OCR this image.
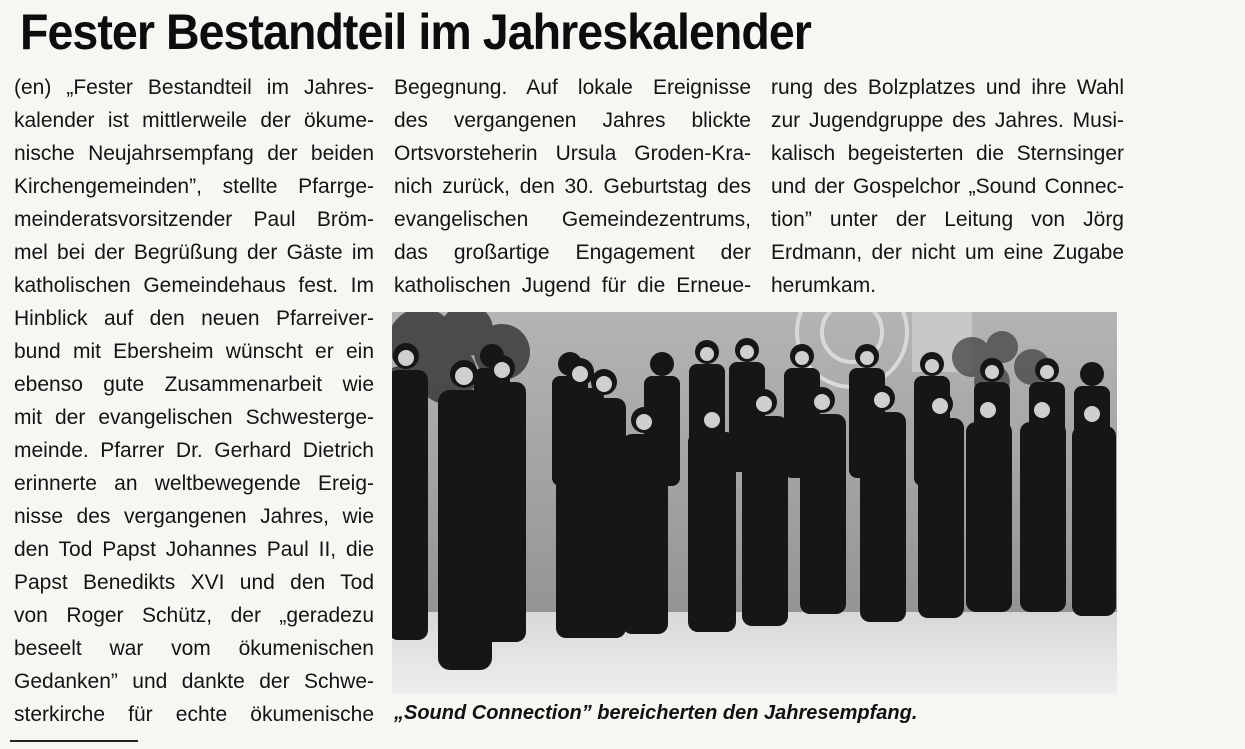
Fester Bestandteil im Jahreskalender
(en) „Fester Bestandteil im Jahres-
kalender ist mittlerweile der ökume-
nische Neujahrsempfang der beiden
Kirchengemeinden”, stellte Pfarrge-
meinderatsvorsitzender Paul Bröm-
mel bei der Begrüßung der Gäste im
katholischen Gemeindehaus fest. Im
Hinblick auf den neuen Pfarreiver-
bund mit Ebersheim wünscht er ein
ebenso gute Zusammenarbeit wie
mit der evangelischen Schwesterge-
meinde. Pfarrer Dr. Gerhard Dietrich
erinnerte an weltbewegende Ereig-
nisse des vergangenen Jahres, wie
den Tod Papst Johannes Paul II, die
Papst Benedikts XVI und den Tod
von Roger Schütz, der „geradezu
beseelt war vom ökumenischen
Gedanken” und dankte der Schwe-
sterkirche für echte ökumenische
Begegnung. Auf lokale Ereignisse
des vergangenen Jahres blickte
Ortsvorsteherin Ursula Groden-Kra-
nich zurück, den 30. Geburtstag des
evangelischen Gemeindezentrums,
das großartige Engagement der
katholischen Jugend für die Erneue-
rung des Bolzplatzes und ihre Wahl
zur Jugendgruppe des Jahres. Musi-
kalisch begeisterten die Sternsinger
und der Gospelchor „Sound Connec-
tion” unter der Leitung von Jörg
Erdmann, der nicht um eine Zugabe
herumkam.
„Sound Connection” bereicherten den Jahresempfang.
